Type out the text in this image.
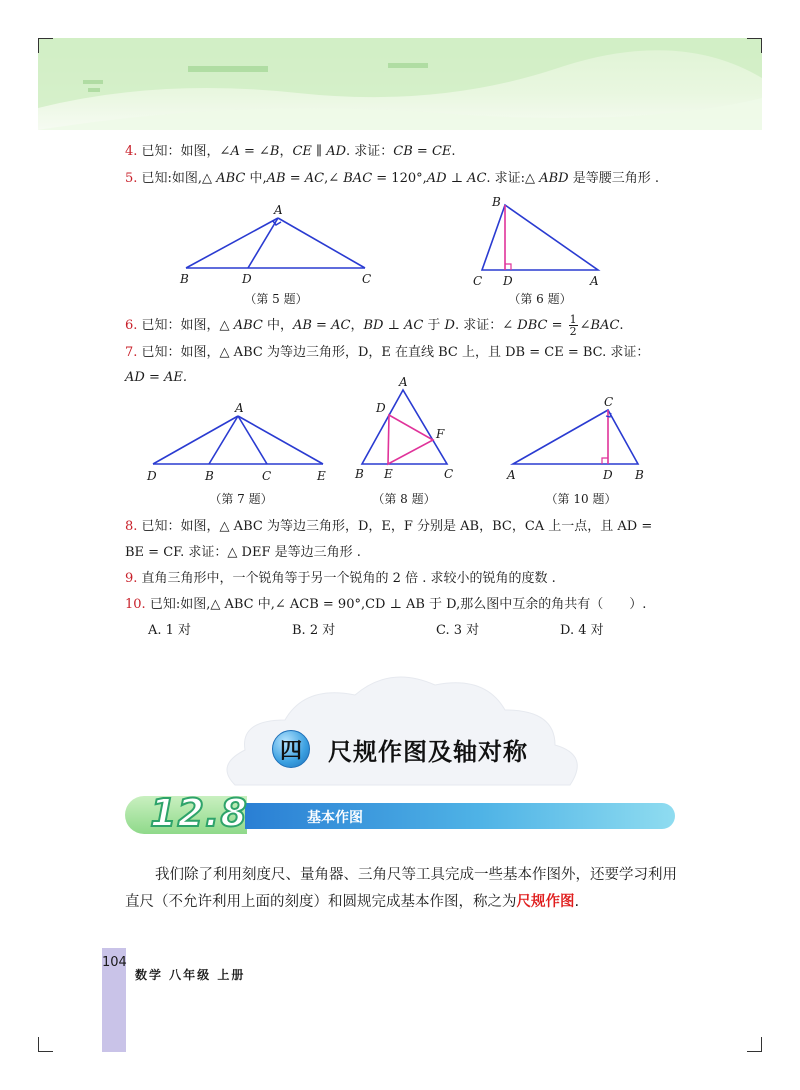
4. 已知：如图，∠A = ∠B，CE ∥ AD. 求证：CB = CE.
5. 已知:如图,△ ABC 中,AB = AC,∠ BAC = 120°,AD ⊥ AC. 求证:△ ABD 是等腰三角形 .
A
B	D	C
（第 5 题）
B
C D	A
（第 6 题）
6. 已知：如图，△ ABC 中，AB = AC，BD ⊥ AC 于 D. 求证：∠ DBC = $\frac{1}{2}$ ∠BAC.
7. 已知：如图，△ ABC 为等边三角形，D，E 在直线 BC 上，且 DB = CE = BC. 求证：
AD = AE.
A
D	B	C	E
（第 7 题）
A
D
F
B E	C
（第 8 题）
C
A	D B
（第 10 题）
8. 已知：如图，△ ABC 为等边三角形，D，E，F 分别是 AB，BC，CA 上一点，且 AD =
BE = CF. 求证：△ DEF 是等边三角形 .
9. 直角三角形中，一个锐角等于另一个锐角的 2 倍 . 求较小的锐角的度数 .
10. 已知:如图,△ ABC 中,∠ ACB = 90°,CD ⊥ AB 于 D,那么图中互余的角共有（　　）.
A. 1 对	B. 2 对	C. 3 对	D. 4 对
四	尺规作图及轴对称
基本作图
12.8
我们除了利用刻度尺、量角器、三角尺等工具完成一些基本作图外，还要学习利用直尺（不允许利用上面的刻度）和圆规完成基本作图，称之为尺规作图.
104
数学 八年级 上册
